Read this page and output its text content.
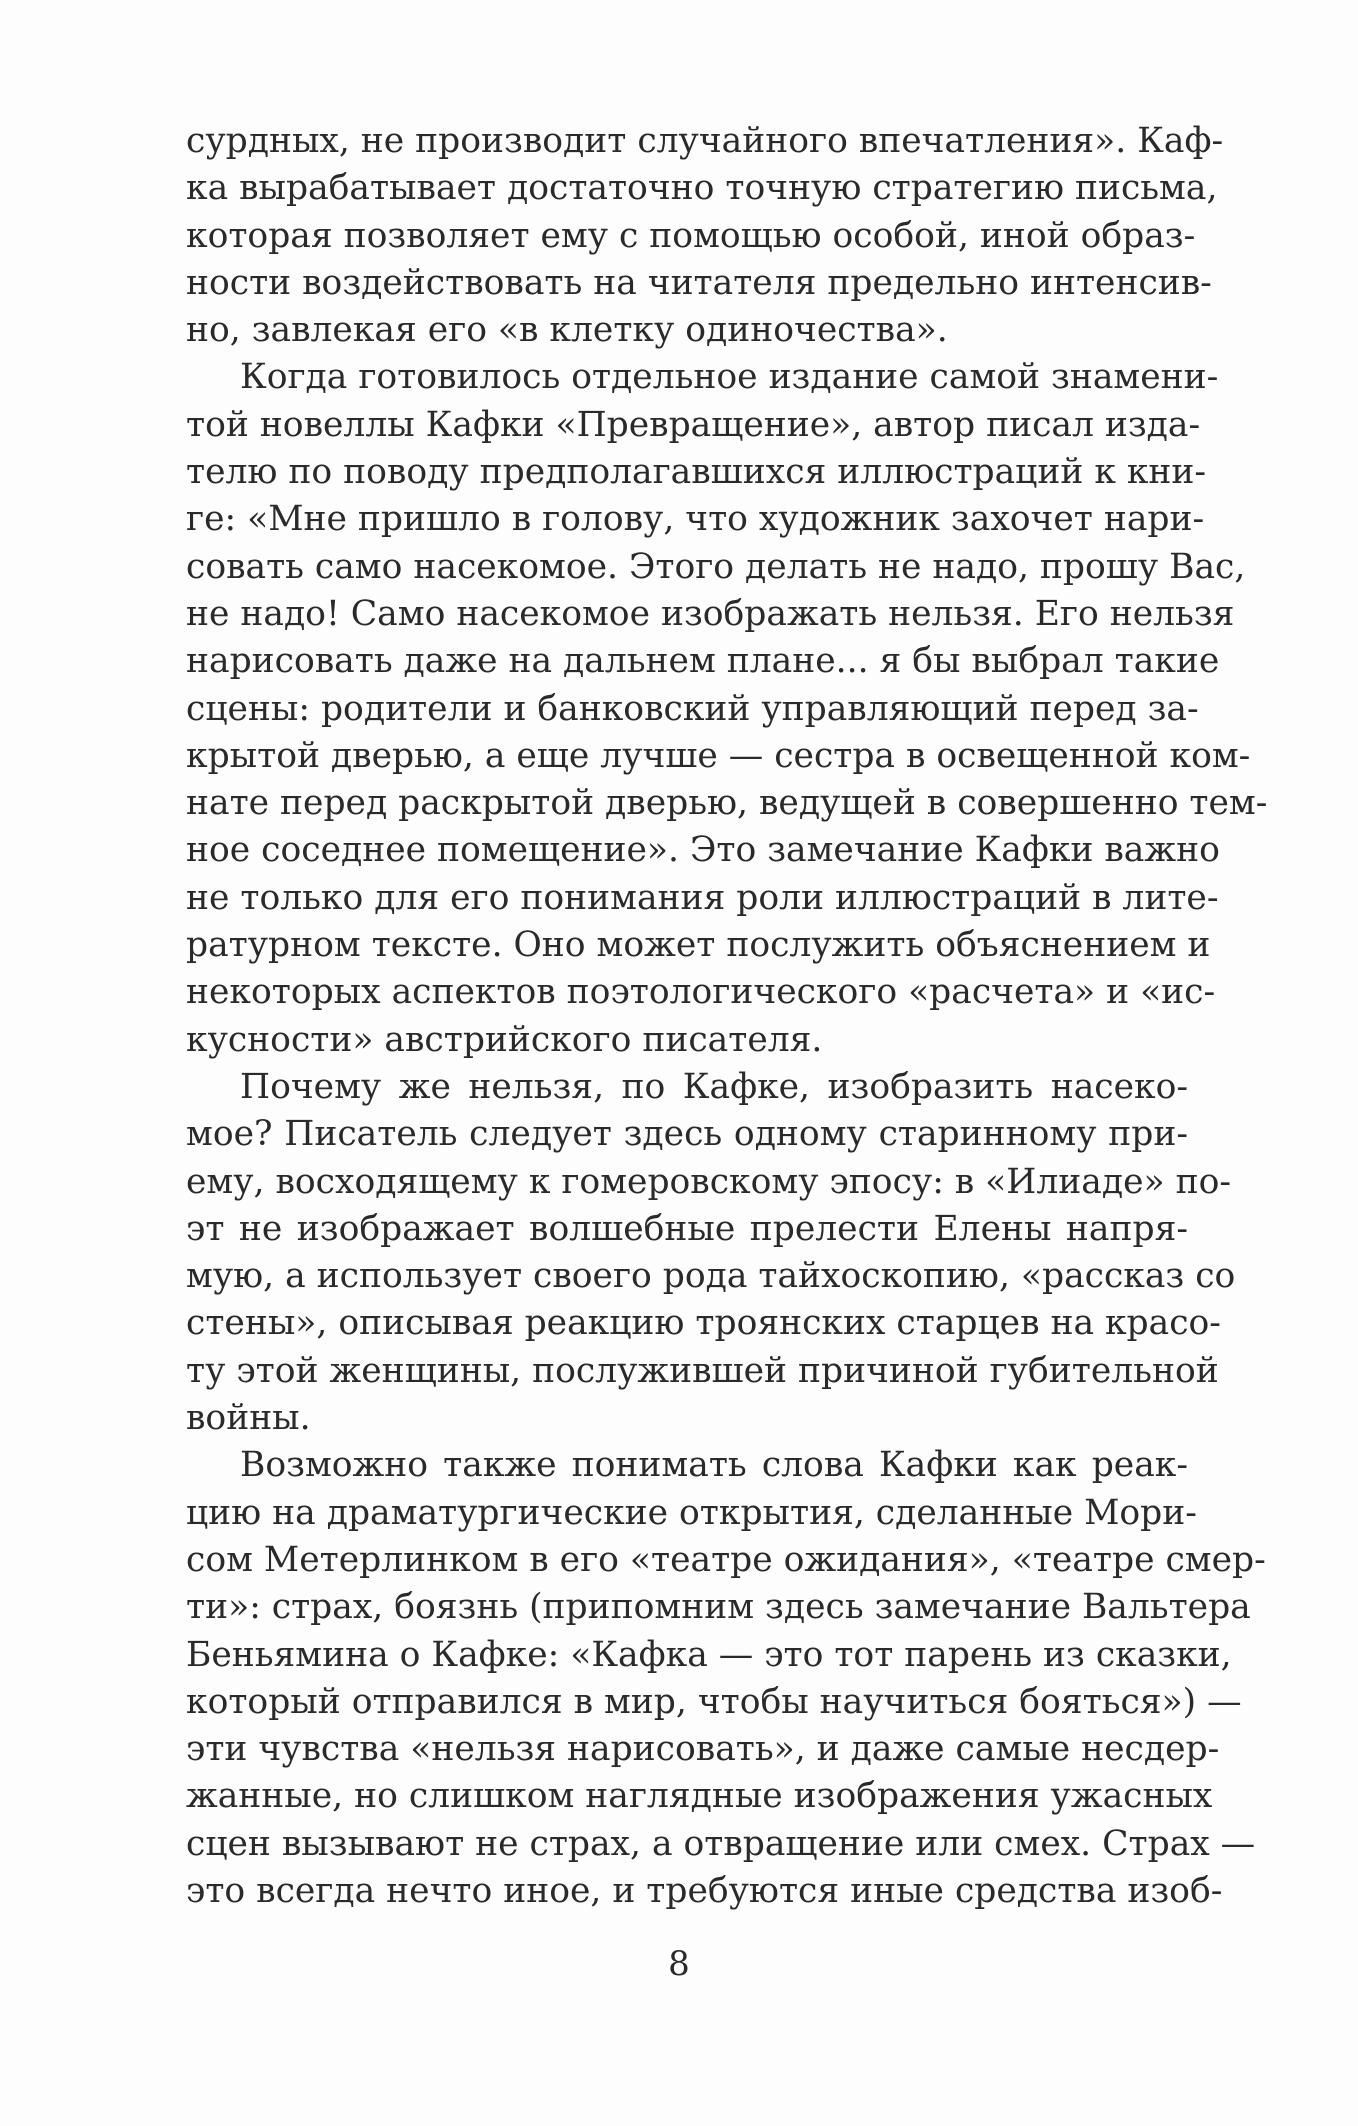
сурдных, не производит случайного впечатления». Каф-
ка вырабатывает достаточно точную стратегию письма,
которая позволяет ему с помощью особой, иной образ-
ности воздействовать на читателя предельно интенсив-
но, завлекая его «в клетку одиночества».

Когда готовилось отдельное издание самой знамени-
той новеллы Кафки «Превращение», автор писал изда-
телю по поводу предполагавшихся иллюстраций к кни-
ге: «Мне пришло в голову, что художник захочет нари-
совать само насекомое. Этого делать не надо, прошу Вас,
не надо! Само насекомое изображать нельзя. Его нельзя
нарисовать даже на дальнем плане... я бы выбрал такие
сцены: родители и банковский управляющий перед за-
крытой дверью, а еще лучше — сестра в освещенной ком-
нате перед раскрытой дверью, ведущей в совершенно тем-
ное соседнее помещение». Это замечание Кафки важно
не только для его понимания роли иллюстраций в лите-
ратурном тексте. Оно может послужить объяснением и
некоторых аспектов поэтологического «расчета» и «ис-
кусности» австрийского писателя.

Почему же нельзя, по Кафке, изобразить насеко-
мое? Писатель следует здесь одному старинному при-
ему, восходящему к гомеровскому эпосу: в «Илиаде» по-
эт не изображает волшебные прелести Елены напря-
мую, а использует своего рода тайхоскопию, «рассказ со
стены», описывая реакцию троянских старцев на красо-
ту этой женщины, послужившей причиной губительной
войны.

Возможно также понимать слова Кафки как реак-
цию на драматургические открытия, сделанные Мори-
сом Метерлинком в его «театре ожидания», «театре смер-
ти»: страх, боязнь (припомним здесь замечание Вальтера
Беньямина о Кафке: «Кафка — это тот парень из сказки,
который отправился в мир, чтобы научиться бояться») —
эти чувства «нельзя нарисовать», и даже самые несдер-
жанные, но слишком наглядные изображения ужасных
сцен вызывают не страх, а отвращение или смех. Страх —
это всегда нечто иное, и требуются иные средства изоб-

8
